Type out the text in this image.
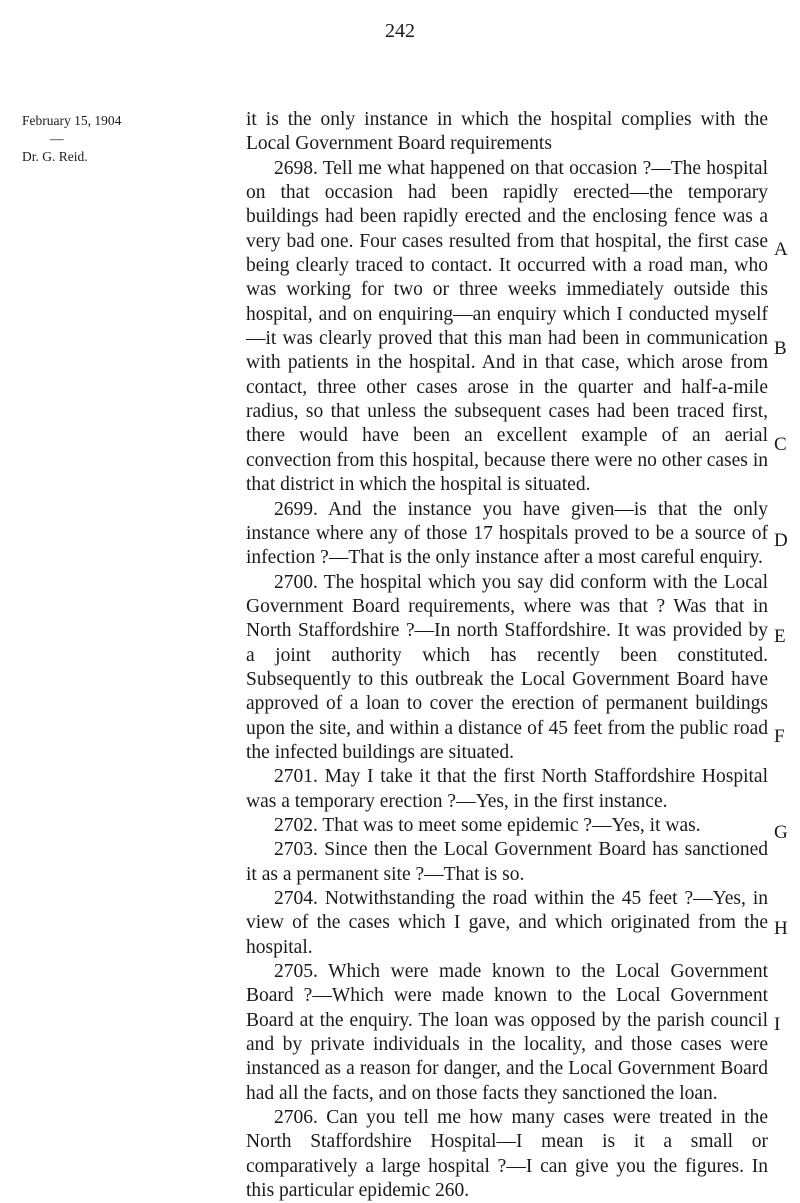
242
February 15, 1904
—
Dr. G. Reid.

it is the only instance in which the hospital complies with the Local Government Board requirements

2698. Tell me what happened on that occasion ?—The hospital on that occasion had been rapidly erected—the temporary buildings had been rapidly erected and the enclosing fence was a very bad one. Four cases resulted from that hospital, the first case being clearly traced to contact. It occurred with a road man, who was working for two or three weeks immediately outside this hospital, and on enquiring—an enquiry which I conducted myself—it was clearly proved that this man had been in communication with patients in the hospital. And in that case, which arose from contact, three other cases arose in the quarter and half-a-mile radius, so that unless the subsequent cases had been traced first, there would have been an excellent example of an aerial convection from this hospital, because there were no other cases in that district in which the hospital is situated.

2699. And the instance you have given—is that the only instance where any of those 17 hospitals proved to be a source of infection ?—That is the only instance after a most careful enquiry.

2700. The hospital which you say did conform with the Local Government Board requirements, where was that ? Was that in North Staffordshire ?—In north Staffordshire. It was provided by a joint authority which has recently been constituted. Subsequently to this outbreak the Local Government Board have approved of a loan to cover the erection of permanent buildings upon the site, and within a distance of 45 feet from the public road the infected buildings are situated.

2701. May I take it that the first North Staffordshire Hospital was a temporary erection ?—Yes, in the first instance.

2702. That was to meet some epidemic ?—Yes, it was.

2703. Since then the Local Government Board has sanctioned it as a permanent site ?—That is so.

2704. Notwithstanding the road within the 45 feet ?—Yes, in view of the cases which I gave, and which originated from the hospital.

2705. Which were made known to the Local Government Board ?—Which were made known to the Local Government Board at the enquiry. The loan was opposed by the parish council and by private individuals in the locality, and those cases were instanced as a reason for danger, and the Local Government Board had all the facts, and on those facts they sanctioned the loan.

2706. Can you tell me how many cases were treated in the North Staffordshire Hospital—I mean is it a small or comparatively a large hospital ?—I can give you the figures. In this particular epidemic 260.

A
B
C
D
E
F
G
H
I
